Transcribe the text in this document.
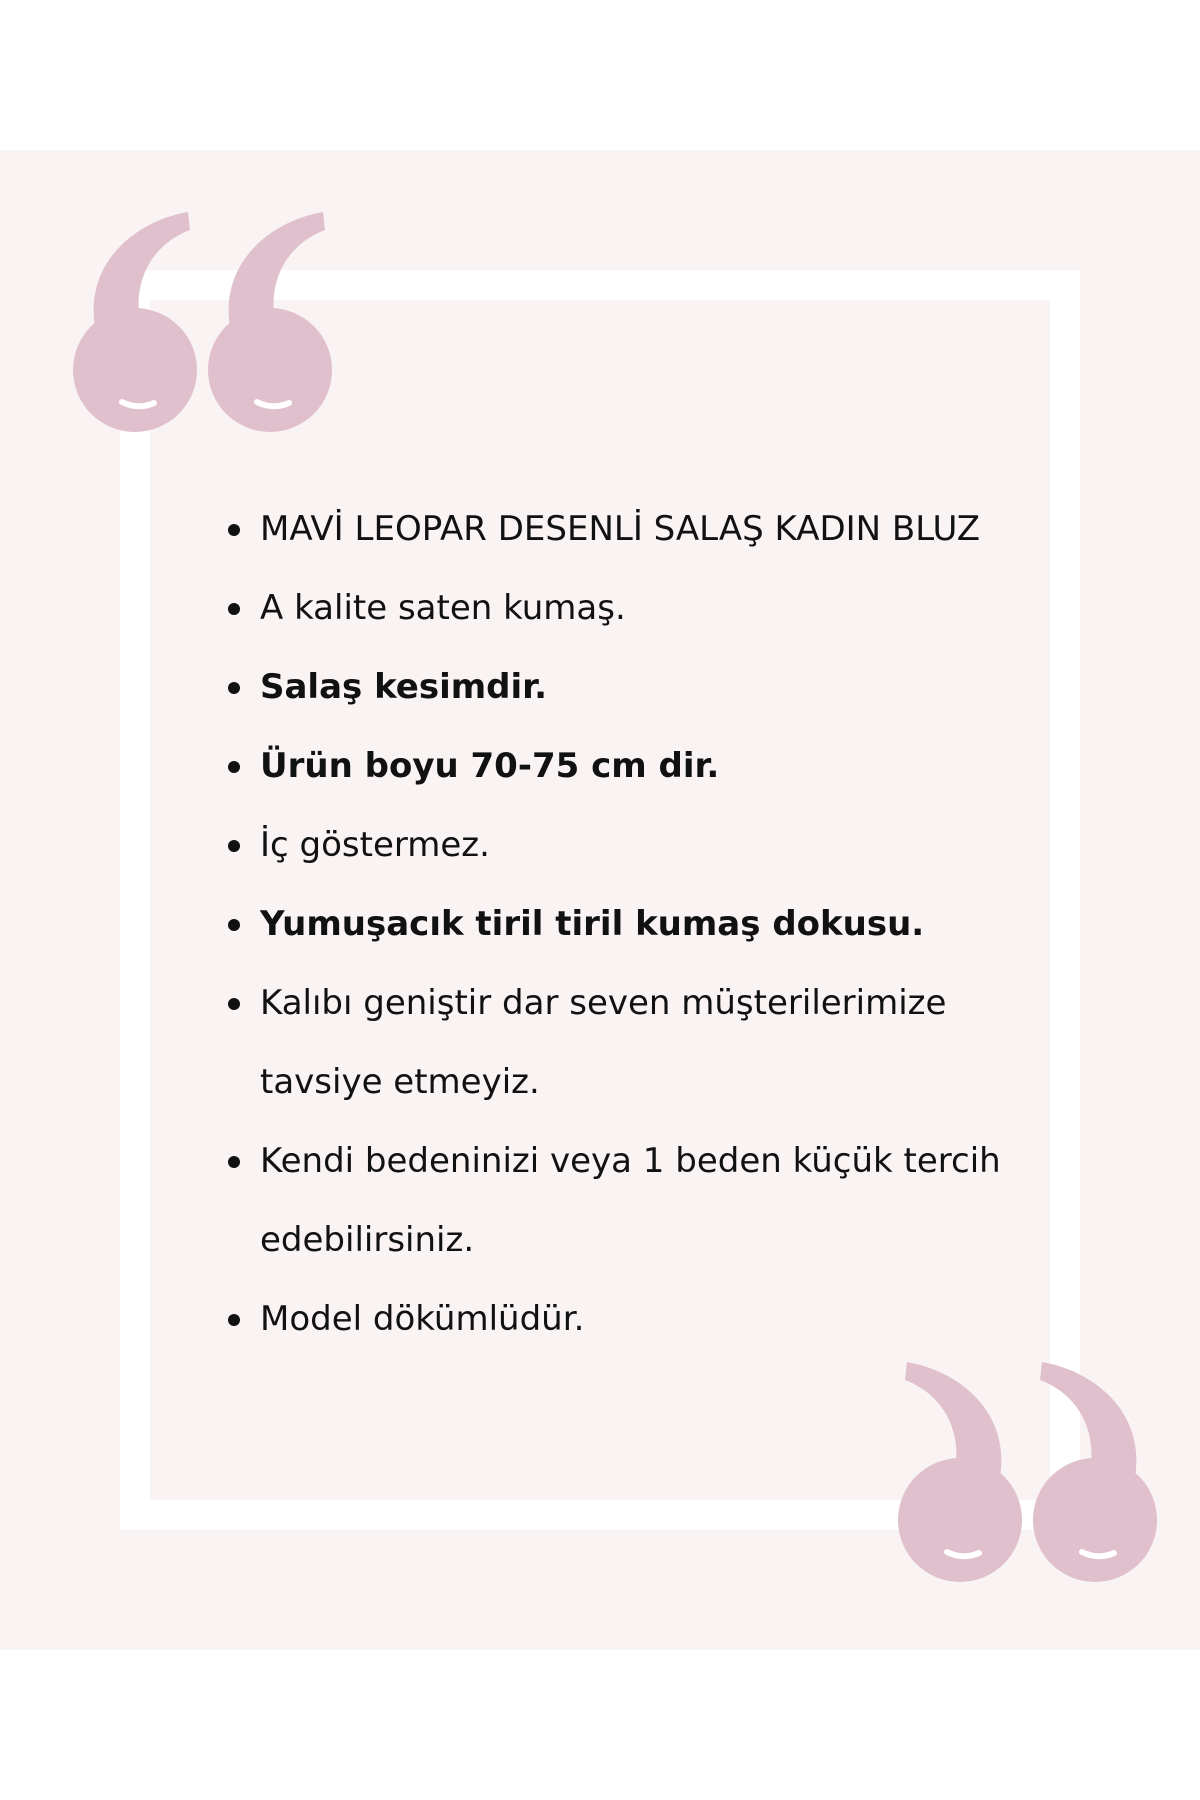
MAVİ LEOPAR DESENLİ SALAŞ KADIN BLUZ
A kalite saten kumaş.
Salaş kesimdir.
Ürün boyu 70-75 cm dir.
İç göstermez.
Yumuşacık tiril tiril kumaş dokusu.
Kalıbı geniştir dar seven müşterilerimize tavsiye etmeyiz.
Kendi bedeninizi veya 1 beden küçük tercih edebilirsiniz.
Model dökümlüdür.
